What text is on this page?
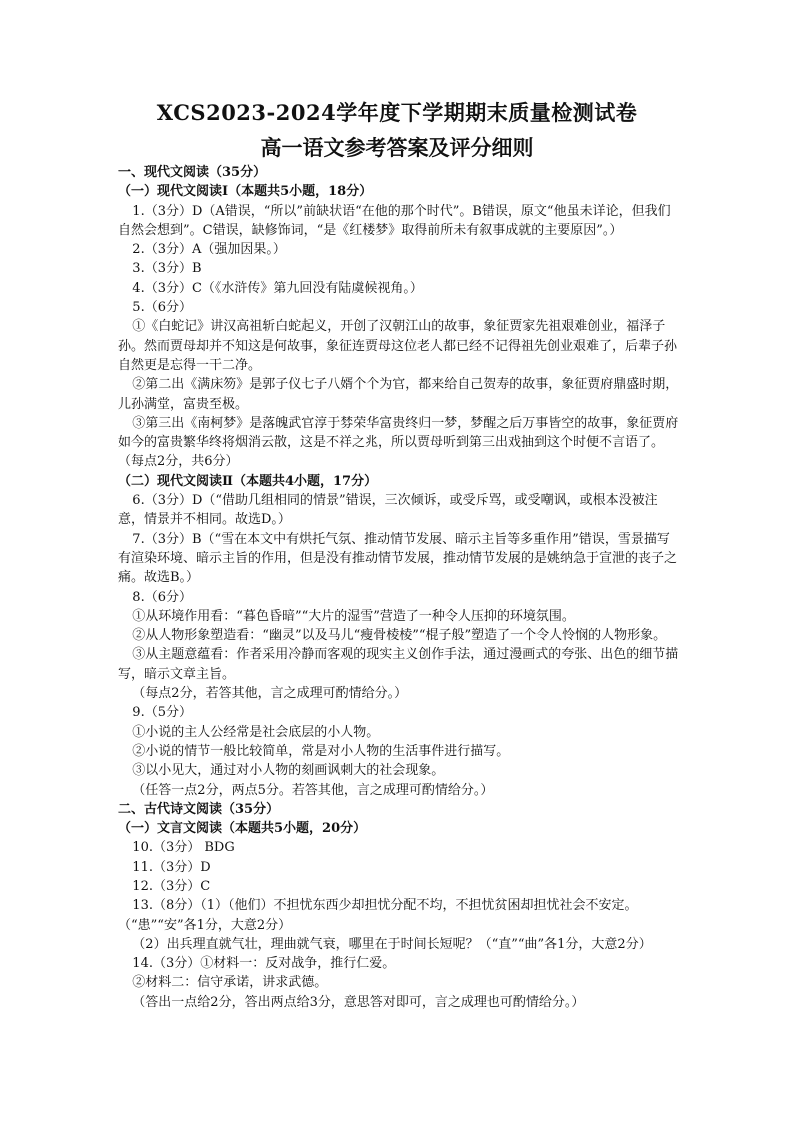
XCS2023-2024学年度下学期期末质量检测试卷
高一语文参考答案及评分细则

一、现代文阅读（35分）

（一）现代文阅读Ⅰ（本题共5小题，18分）

1.（3分）D（A错误，“所以”前缺状语“在他的那个时代”。B错误，原文“他虽未详论，但我们自然会想到”。C错误，缺修饰词，“是《红楼梦》取得前所未有叙事成就的主要原因”。）

2.（3分）A（强加因果。）

3.（3分）B

4.（3分）C（《水浒传》第九回没有陆虞候视角。）

5.（6分）

①《白蛇记》讲汉高祖斩白蛇起义，开创了汉朝江山的故事，象征贾家先祖艰难创业，福泽子孙。然而贾母却并不知这是何故事，象征连贾母这位老人都已经不记得祖先创业艰难了，后辈子孙自然更是忘得一干二净。

②第二出《满床笏》是郭子仪七子八婿个个为官，都来给自己贺寿的故事，象征贾府鼎盛时期，儿孙满堂，富贵至极。

③第三出《南柯梦》是落魄武官淳于棼荣华富贵终归一梦，梦醒之后万事皆空的故事，象征贾府如今的富贵繁华终将烟消云散，这是不祥之兆，所以贾母听到第三出戏抽到这个时便不言语了。（每点2分，共6分）

（二）现代文阅读Ⅱ（本题共4小题，17分）

6.（3分）D（“借助几组相同的情景”错误，三次倾诉，或受斥骂，或受嘲讽，或根本没被注意，情景并不相同。故选D。）

7.（3分）B（“雪在本文中有烘托气氛、推动情节发展、暗示主旨等多重作用”错误，雪景描写有渲染环境、暗示主旨的作用，但是没有推动情节发展，推动情节发展的是姚纳急于宣泄的丧子之痛。故选B。）

8.（6分）

①从环境作用看：“暮色昏暗”“大片的湿雪”营造了一种令人压抑的环境氛围。

②从人物形象塑造看：“幽灵”以及马儿“瘦骨棱棱”“棍子般”塑造了一个令人怜悯的人物形象。

③从主题意蕴看：作者采用冷静而客观的现实主义创作手法，通过漫画式的夸张、出色的细节描写，暗示文章主旨。

（每点2分，若答其他，言之成理可酌情给分。）

9.（5分）

①小说的主人公经常是社会底层的小人物。

②小说的情节一般比较简单，常是对小人物的生活事件进行描写。

③以小见大，通过对小人物的刻画讽刺大的社会现象。

（任答一点2分，两点5分。若答其他，言之成理可酌情给分。）

二、古代诗文阅读（35分）

（一）文言文阅读（本题共5小题，20分）

10.（3分） BDG

11.（3分）D

12.（3分）C

13.（8分）（1）（他们）不担忧东西少却担忧分配不均，不担忧贫困却担忧社会不安定。（“患”“安”各1分，大意2分）

（2）出兵理直就气壮，理曲就气衰，哪里在于时间长短呢？（“直”“曲”各1分，大意2分）

14.（3分）①材料一：反对战争，推行仁爱。

②材料二：信守承诺，讲求武德。

（答出一点给2分，答出两点给3分，意思答对即可，言之成理也可酌情给分。）
